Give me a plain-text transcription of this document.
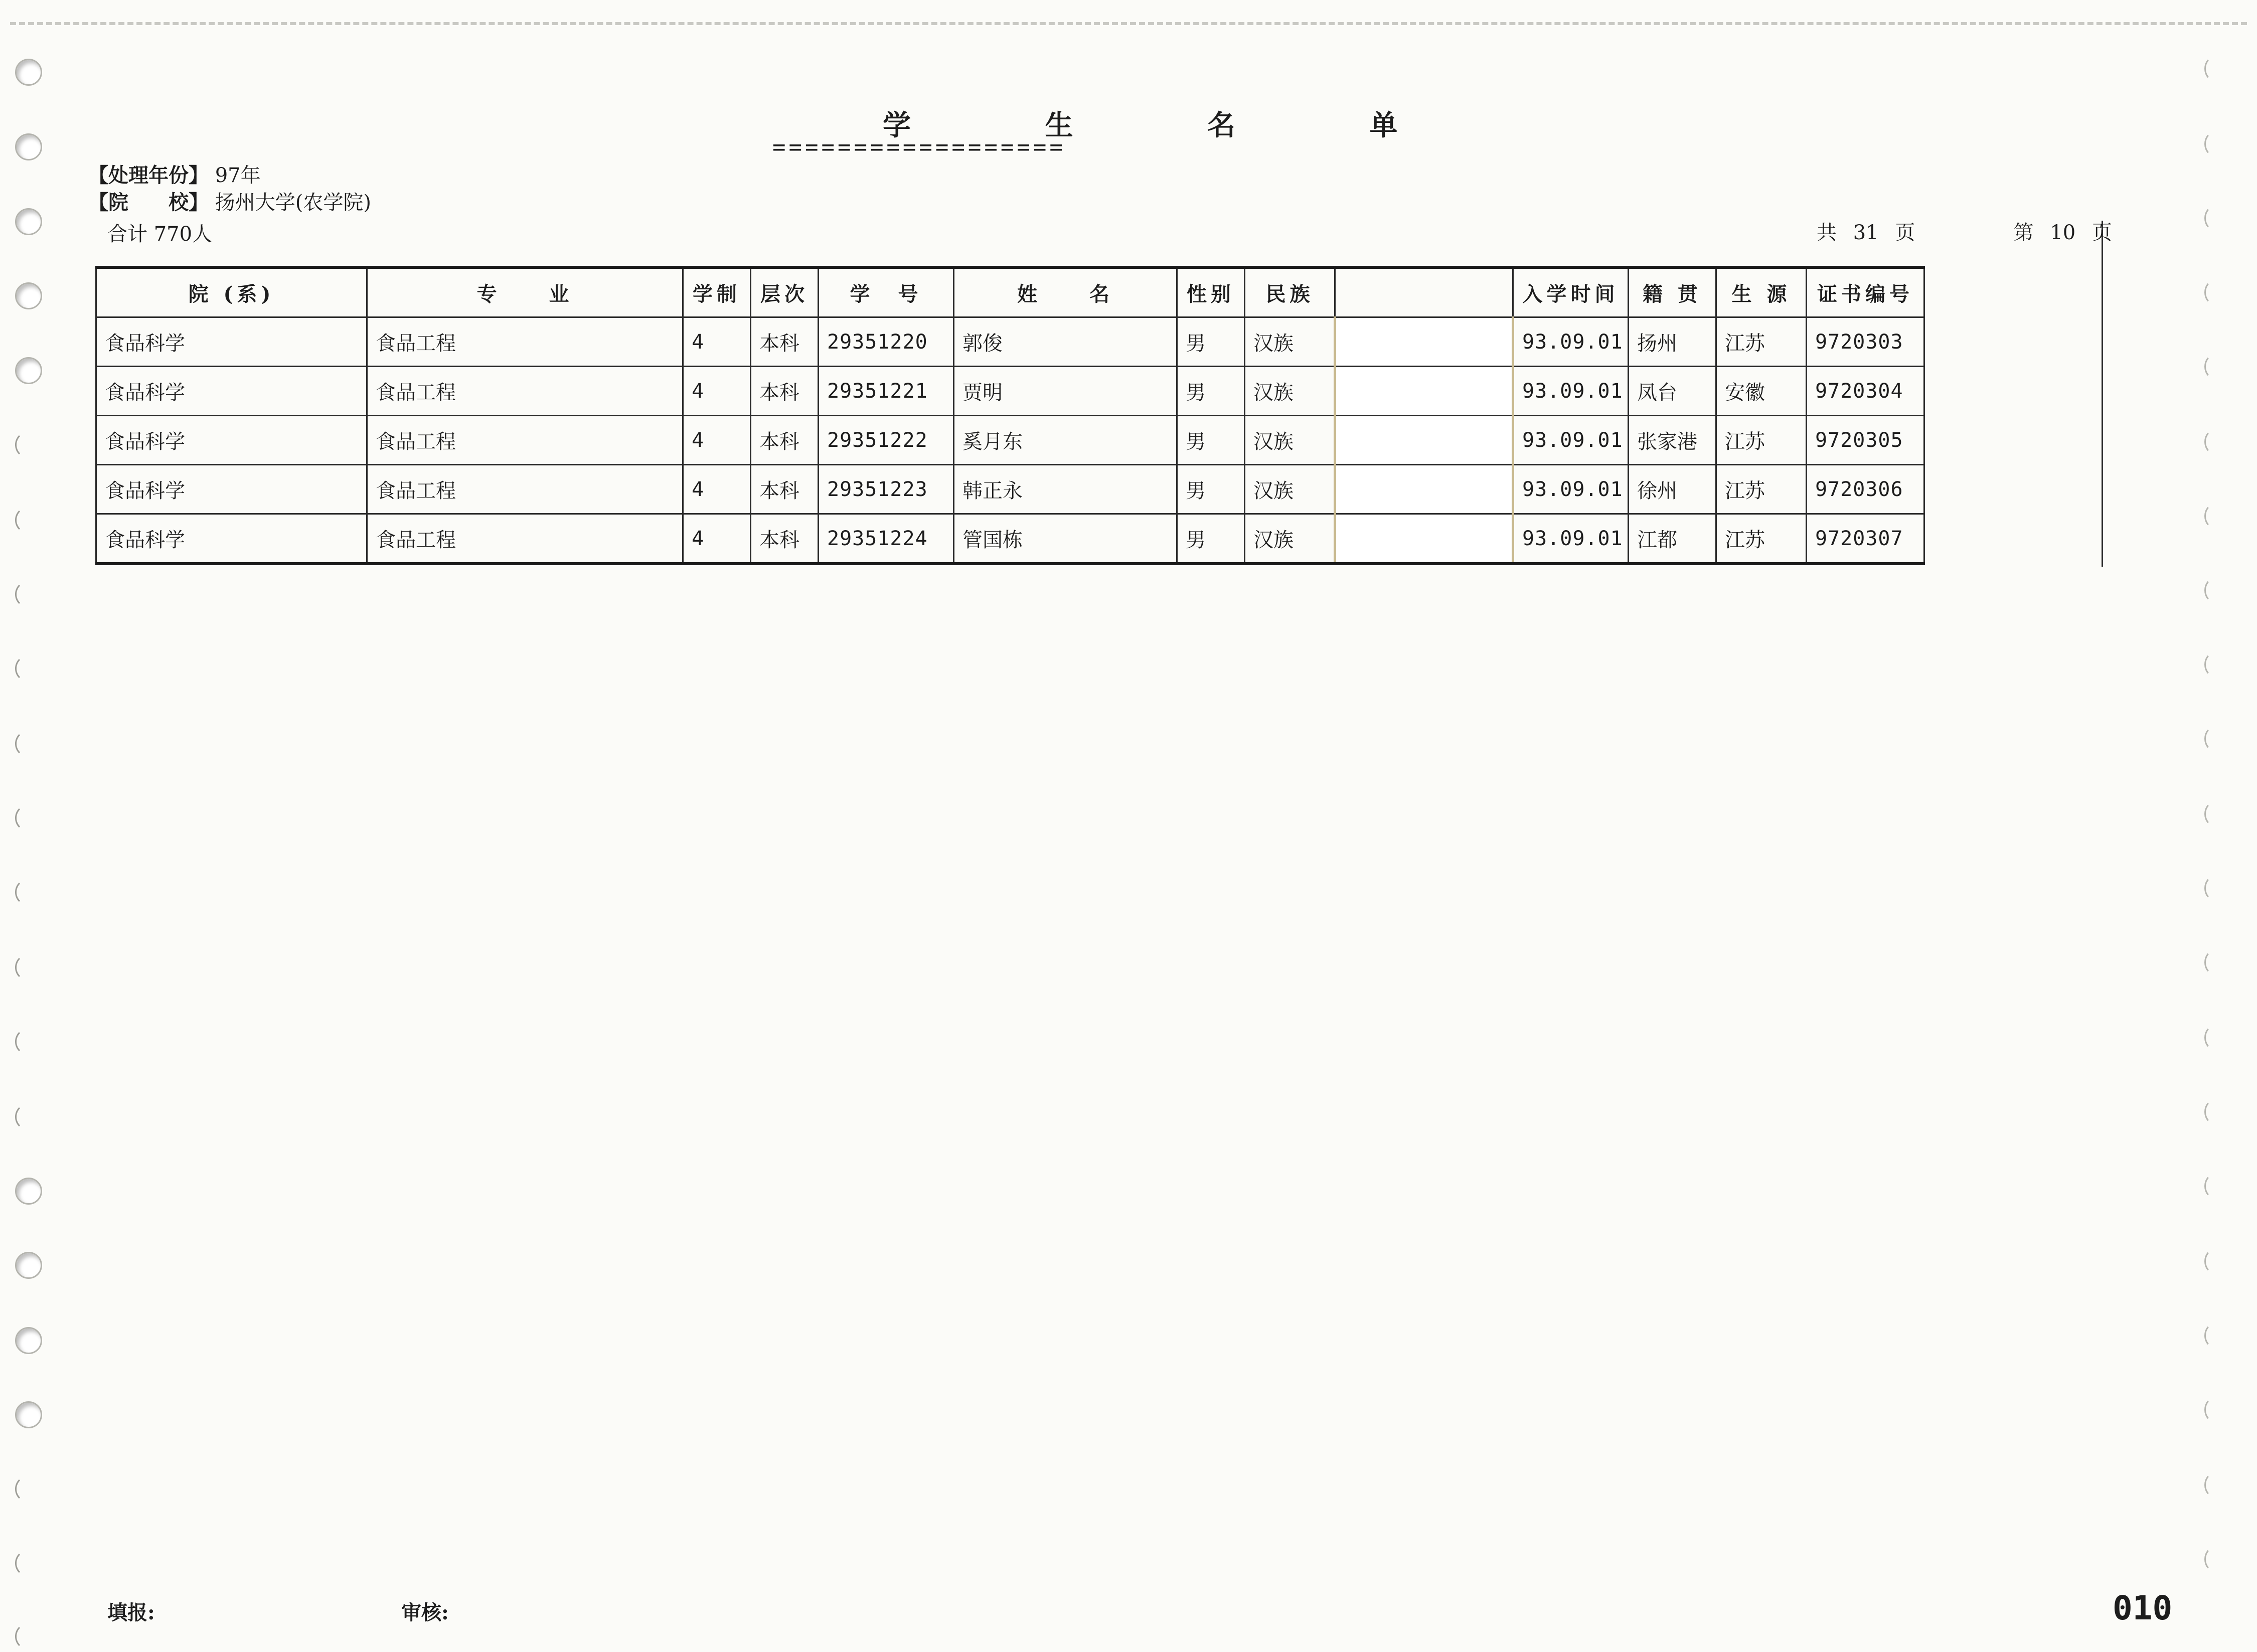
学 生 名 单
==================
【处理年份】 97年
【院　　校】 扬州大学(农学院)
合计 770人	共 31 页	第 10 页
院 (系)	专　　业	学制	层次	学　号	姓　　名	性别	民族		入学时间	籍 贯	生 源	证书编号
食品科学	食品工程	4	本科	29351220	郭俊	男	汉族		93.09.01	扬州	江苏	9720303
食品科学	食品工程	4	本科	29351221	贾明	男	汉族		93.09.01	凤台	安徽	9720304
食品科学	食品工程	4	本科	29351222	奚月东	男	汉族		93.09.01	张家港	江苏	9720305
食品科学	食品工程	4	本科	29351223	韩正永	男	汉族		93.09.01	徐州	江苏	9720306
食品科学	食品工程	4	本科	29351224	管国栋	男	汉族		93.09.01	江都	江苏	9720307
填报:	审核:	010
